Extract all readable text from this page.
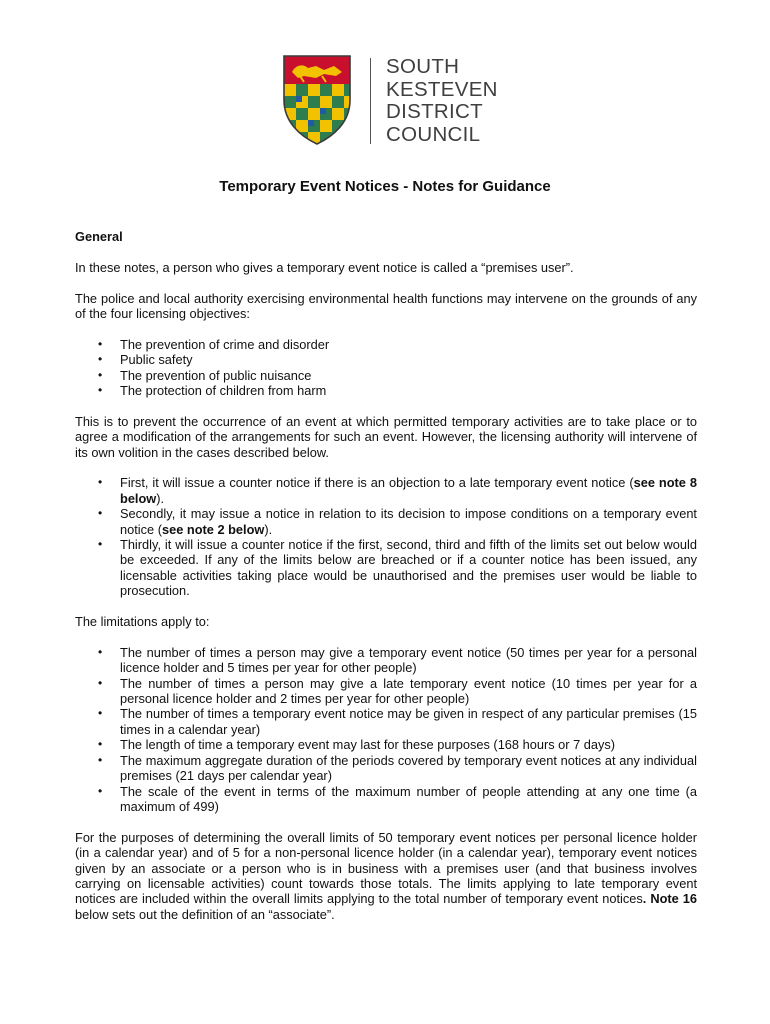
SOUTH
KESTEVEN
DISTRICT
COUNCIL
Temporary Event Notices - Notes for Guidance
General

In these notes, a person who gives a temporary event notice is called a “premises user”.

The police and local authority exercising environmental health functions may intervene on the grounds of any of the four licensing objectives:

• The prevention of crime and disorder
• Public safety
• The prevention of public nuisance
• The protection of children from harm

This is to prevent the occurrence of an event at which permitted temporary activities are to take place or to agree a modification of the arrangements for such an event. However, the licensing authority will intervene of its own volition in the cases described below.

• First, it will issue a counter notice if there is an objection to a late temporary event notice (see note 8 below).
• Secondly, it may issue a notice in relation to its decision to impose conditions on a temporary event notice (see note 2 below).
• Thirdly, it will issue a counter notice if the first, second, third and fifth of the limits set out below would be exceeded. If any of the limits below are breached or if a counter notice has been issued, any licensable activities taking place would be unauthorised and the premises user would be liable to prosecution.

The limitations apply to:

• The number of times a person may give a temporary event notice (50 times per year for a personal licence holder and 5 times per year for other people)
• The number of times a person may give a late temporary event notice (10 times per year for a personal licence holder and 2 times per year for other people)
• The number of times a temporary event notice may be given in respect of any particular premises (15 times in a calendar year)
• The length of time a temporary event may last for these purposes (168 hours or 7 days)
• The maximum aggregate duration of the periods covered by temporary event notices at any individual premises (21 days per calendar year)
• The scale of the event in terms of the maximum number of people attending at any one time (a maximum of 499)

For the purposes of determining the overall limits of 50 temporary event notices per personal licence holder (in a calendar year) and of 5 for a non-personal licence holder (in a calendar year), temporary event notices given by an associate or a person who is in business with a premises user (and that business involves carrying on licensable activities) count towards those totals. The limits applying to late temporary event notices are included within the overall limits applying to the total number of temporary event notices. Note 16 below sets out the definition of an “associate”.
